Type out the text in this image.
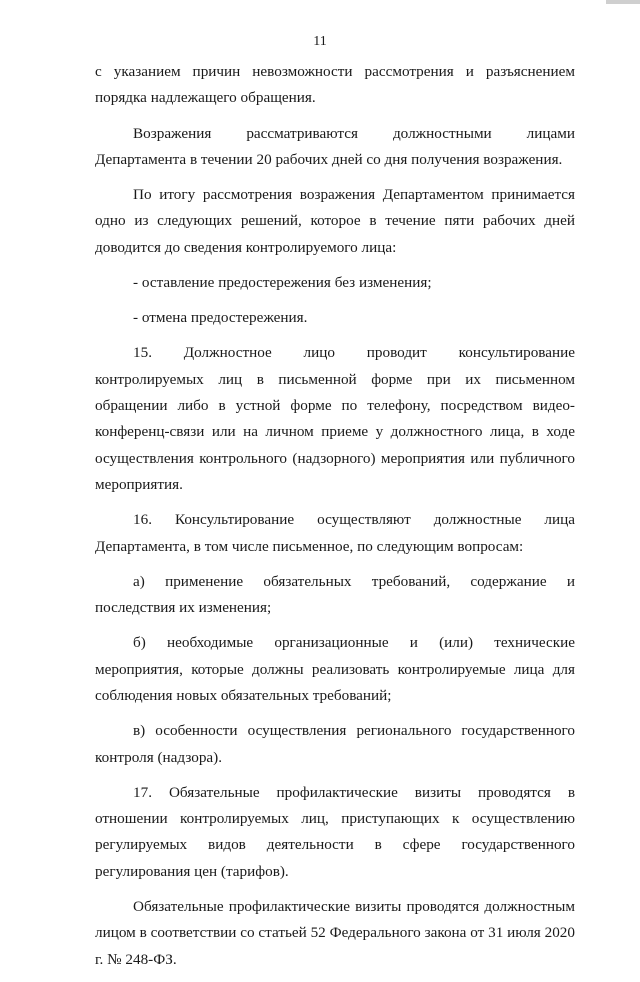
11

с указанием причин невозможности рассмотрения и разъяснением порядка надлежащего обращения.

Возражения рассматриваются должностными лицами Департамента в течении 20 рабочих дней со дня получения возражения.

По итогу рассмотрения возражения Департаментом принимается одно из следующих решений, которое в течение пяти рабочих дней доводится до сведения контролируемого лица:

- оставление предостережения без изменения;

- отмена предостережения.

15. Должностное лицо проводит консультирование контролируемых лиц в письменной форме при их письменном обращении либо в устной форме по телефону, посредством видео-конференц-связи или на личном приеме у должностного лица, в ходе осуществления контрольного (надзорного) мероприятия или публичного мероприятия.

16. Консультирование осуществляют должностные лица Департамента, в том числе письменное, по следующим вопросам:

а) применение обязательных требований, содержание и последствия их изменения;

б) необходимые организационные и (или) технические мероприятия, которые должны реализовать контролируемые лица для соблюдения новых обязательных требований;

в) особенности осуществления регионального государственного контроля (надзора).

17. Обязательные профилактические визиты проводятся в отношении контролируемых лиц, приступающих к осуществлению регулируемых видов деятельности в сфере государственного регулирования цен (тарифов).

Обязательные профилактические визиты проводятся должностным лицом в соответствии со статьей 52 Федерального закона от 31 июля 2020 г. № 248-ФЗ.
